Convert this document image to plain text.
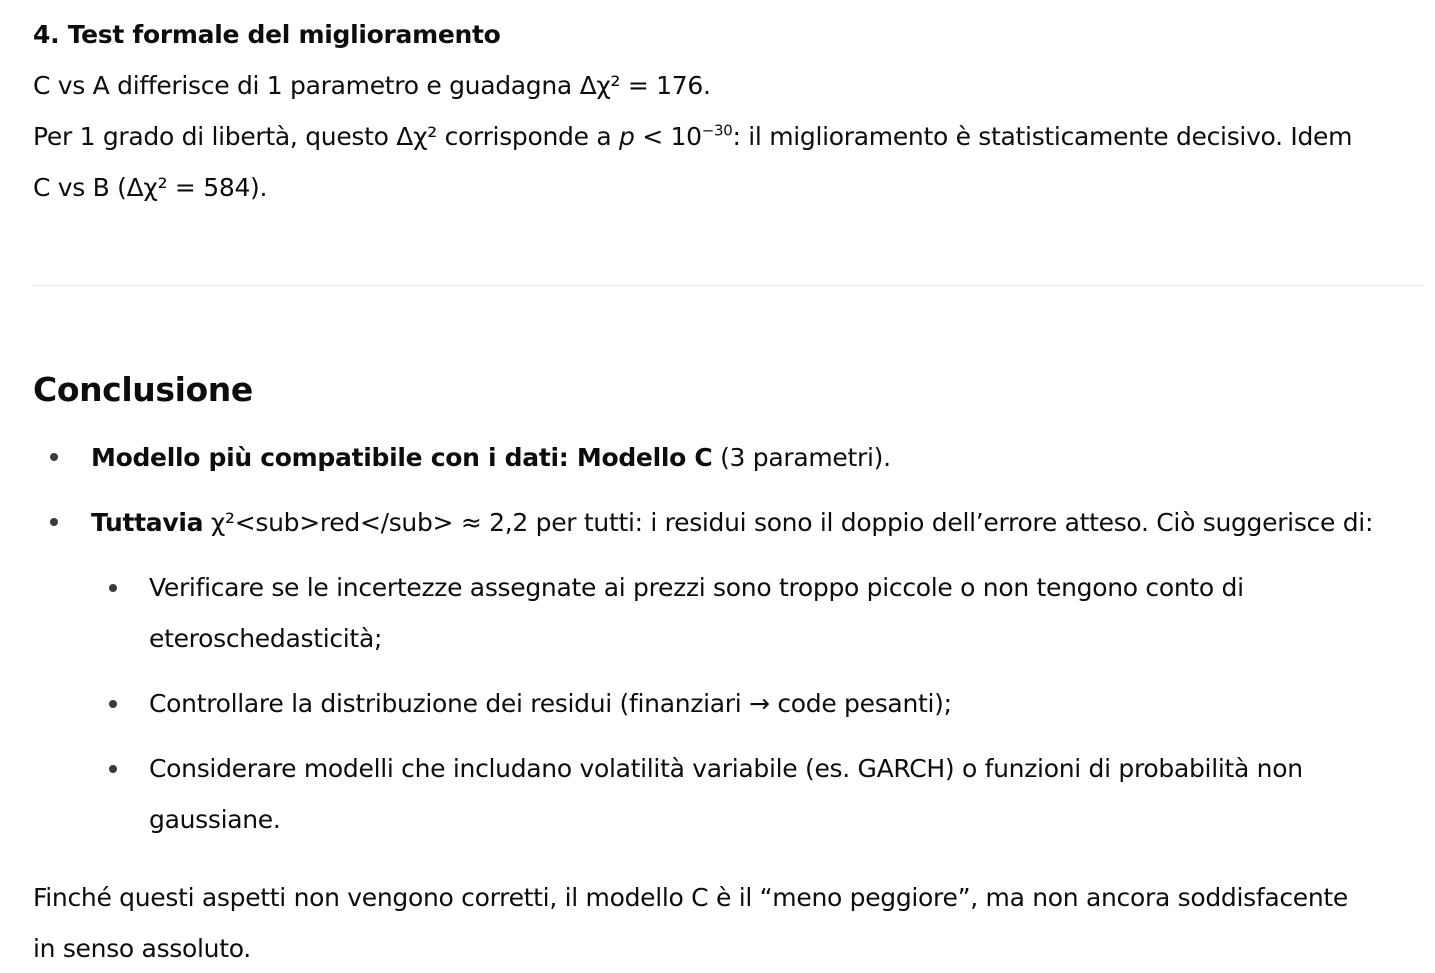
4. Test formale del miglioramento
C vs A differisce di 1 parametro e guadagna Δχ² = 176.
Per 1 grado di libertà, questo Δχ² corrisponde a $p < 10^{-30}$: il miglioramento è statisticamente decisivo. Idem
C vs B (Δχ² = 584).
Conclusione
Modello più compatibile con i dati: Modello C (3 parametri).
Tuttavia χ²<sub>red</sub> ≈ 2,2 per tutti: i residui sono il doppio dell’errore atteso. Ciò suggerisce di:
Verificare se le incertezze assegnate ai prezzi sono troppo piccole o non tengono conto di
eteroschedasticità;
Controllare la distribuzione dei residui (finanziari → code pesanti);
Considerare modelli che includano volatilità variabile (es. GARCH) o funzioni di probabilità non
gaussiane.
Finché questi aspetti non vengono corretti, il modello C è il “meno peggiore”, ma non ancora soddisfacente
in senso assoluto.
